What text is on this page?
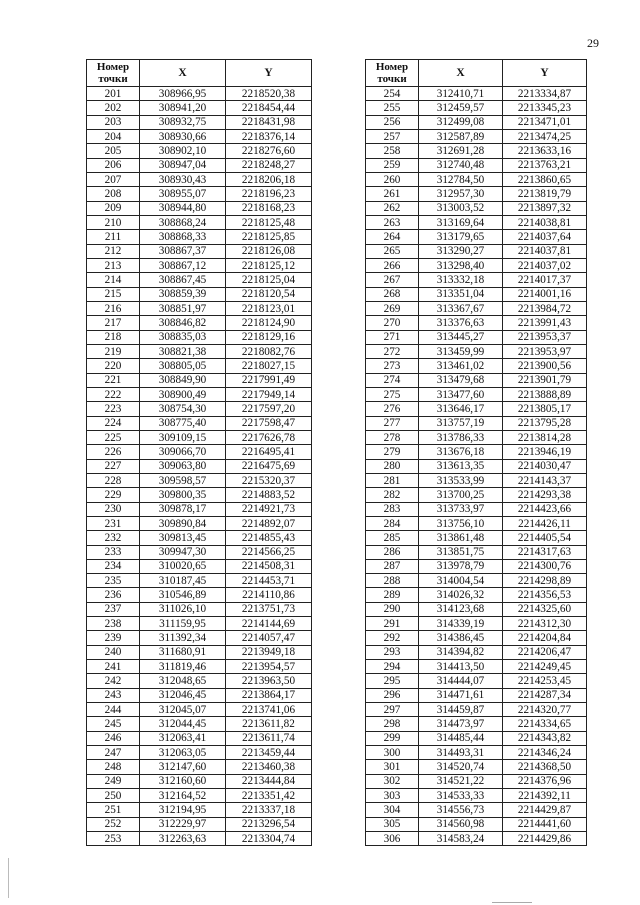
29
Номер
точки	X	Y
201	308966,95	2218520,38
202	308941,20	2218454,44
203	308932,75	2218431,98
204	308930,66	2218376,14
205	308902,10	2218276,60
206	308947,04	2218248,27
207	308930,43	2218206,18
208	308955,07	2218196,23
209	308944,80	2218168,23
210	308868,24	2218125,48
211	308868,33	2218125,85
212	308867,37	2218126,08
213	308867,12	2218125,12
214	308867,45	2218125,04
215	308859,39	2218120,54
216	308851,97	2218123,01
217	308846,82	2218124,90
218	308835,03	2218129,16
219	308821,38	2218082,76
220	308805,05	2218027,15
221	308849,90	2217991,49
222	308900,49	2217949,14
223	308754,30	2217597,20
224	308775,40	2217598,47
225	309109,15	2217626,78
226	309066,70	2216495,41
227	309063,80	2216475,69
228	309598,57	2215320,37
229	309800,35	2214883,52
230	309878,17	2214921,73
231	309890,84	2214892,07
232	309813,45	2214855,43
233	309947,30	2214566,25
234	310020,65	2214508,31
235	310187,45	2214453,71
236	310546,89	2214110,86
237	311026,10	2213751,73
238	311159,95	2214144,69
239	311392,34	2214057,47
240	311680,91	2213949,18
241	311819,46	2213954,57
242	312048,65	2213963,50
243	312046,45	2213864,17
244	312045,07	2213741,06
245	312044,45	2213611,82
246	312063,41	2213611,74
247	312063,05	2213459,44
248	312147,60	2213460,38
249	312160,60	2213444,84
250	312164,52	2213351,42
251	312194,95	2213337,18
252	312229,97	2213296,54
253	312263,63	2213304,74
Номер
точки	X	Y
254	312410,71	2213334,87
255	312459,57	2213345,23
256	312499,08	2213471,01
257	312587,89	2213474,25
258	312691,28	2213633,16
259	312740,48	2213763,21
260	312784,50	2213860,65
261	312957,30	2213819,79
262	313003,52	2213897,32
263	313169,64	2214038,81
264	313179,65	2214037,64
265	313290,27	2214037,81
266	313298,40	2214037,02
267	313332,18	2214017,37
268	313351,04	2214001,16
269	313367,67	2213984,72
270	313376,63	2213991,43
271	313445,27	2213953,37
272	313459,99	2213953,97
273	313461,02	2213900,56
274	313479,68	2213901,79
275	313477,60	2213888,89
276	313646,17	2213805,17
277	313757,19	2213795,28
278	313786,33	2213814,28
279	313676,18	2213946,19
280	313613,35	2214030,47
281	313533,99	2214143,37
282	313700,25	2214293,38
283	313733,97	2214423,66
284	313756,10	2214426,11
285	313861,48	2214405,54
286	313851,75	2214317,63
287	313978,79	2214300,76
288	314004,54	2214298,89
289	314026,32	2214356,53
290	314123,68	2214325,60
291	314339,19	2214312,30
292	314386,45	2214204,84
293	314394,82	2214206,47
294	314413,50	2214249,45
295	314444,07	2214253,45
296	314471,61	2214287,34
297	314459,87	2214320,77
298	314473,97	2214334,65
299	314485,44	2214343,82
300	314493,31	2214346,24
301	314520,74	2214368,50
302	314521,22	2214376,96
303	314533,33	2214392,11
304	314556,73	2214429,87
305	314560,98	2214441,60
306	314583,24	2214429,86
